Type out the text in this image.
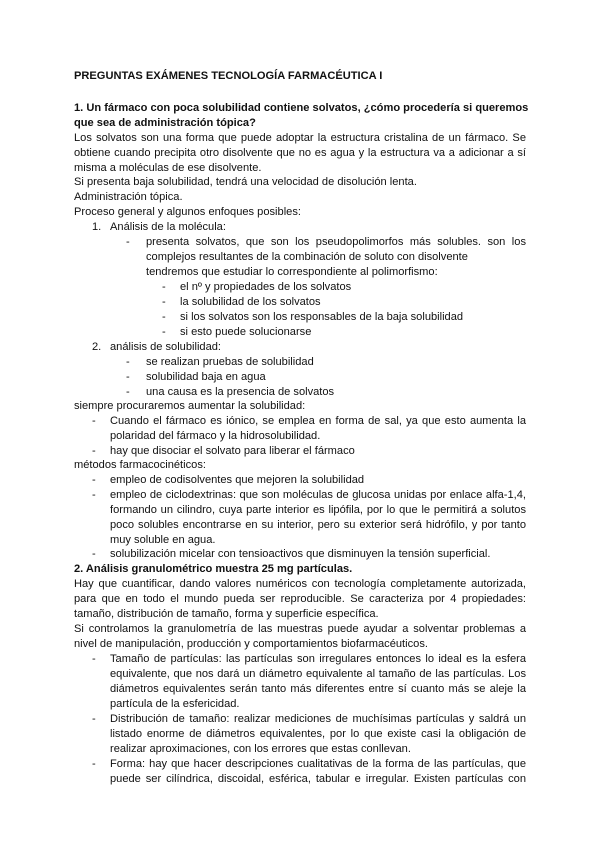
PREGUNTAS EXÁMENES TECNOLOGÍA FARMACÉUTICA I
1. Un fármaco con poca solubilidad contiene solvatos, ¿cómo procedería si queremos
que sea de administración tópica?
Los solvatos son una forma que puede adoptar la estructura cristalina de un fármaco. Se
obtiene cuando precipita otro disolvente que no es agua y la estructura va a adicionar a sí
misma a moléculas de ese disolvente.
Si presenta baja solubilidad, tendrá una velocidad de disolución lenta.
Administración tópica.
Proceso general y algunos enfoques posibles:
1. Análisis de la molécula:
- presenta solvatos, que son los pseudopolimorfos más solubles. son los
complejos resultantes de la combinación de soluto con disolvente
tendremos que estudiar lo correspondiente al polimorfismo:
- el nº y propiedades de los solvatos
- la solubilidad de los solvatos
- si los solvatos son los responsables de la baja solubilidad
- si esto puede solucionarse
2. análisis de solubilidad:
- se realizan pruebas de solubilidad
- solubilidad baja en agua
- una causa es la presencia de solvatos
siempre procuraremos aumentar la solubilidad:
- Cuando el fármaco es iónico, se emplea en forma de sal, ya que esto aumenta la
polaridad del fármaco y la hidrosolubilidad.
- hay que disociar el solvato para liberar el fármaco
métodos farmacocinéticos:
- empleo de codisolventes que mejoren la solubilidad
- empleo de ciclodextrinas: que son moléculas de glucosa unidas por enlace alfa-1,4,
formando un cilindro, cuya parte interior es lipófila, por lo que le permitirá a solutos
poco solubles encontrarse en su interior, pero su exterior será hidrófilo, y por tanto
muy soluble en agua.
- solubilización micelar con tensioactivos que disminuyen la tensión superficial.
2. Análisis granulométrico muestra 25 mg partículas.
Hay que cuantificar, dando valores numéricos con tecnología completamente autorizada,
para que en todo el mundo pueda ser reproducible. Se caracteriza por 4 propiedades:
tamaño, distribución de tamaño, forma y superficie específica.
Si controlamos la granulometría de las muestras puede ayudar a solventar problemas a
nivel de manipulación, producción y comportamientos biofarmacéuticos.
- Tamaño de partículas: las partículas son irregulares entonces lo ideal es la esfera
equivalente, que nos dará un diámetro equivalente al tamaño de las partículas. Los
diámetros equivalentes serán tanto más diferentes entre sí cuanto más se aleje la
partícula de la esfericidad.
- Distribución de tamaño: realizar mediciones de muchísimas partículas y saldrá un
listado enorme de diámetros equivalentes, por lo que existe casi la obligación de
realizar aproximaciones, con los errores que estas conllevan.
- Forma: hay que hacer descripciones cualitativas de la forma de las partículas, que
puede ser cilíndrica, discoidal, esférica, tabular e irregular. Existen partículas con
